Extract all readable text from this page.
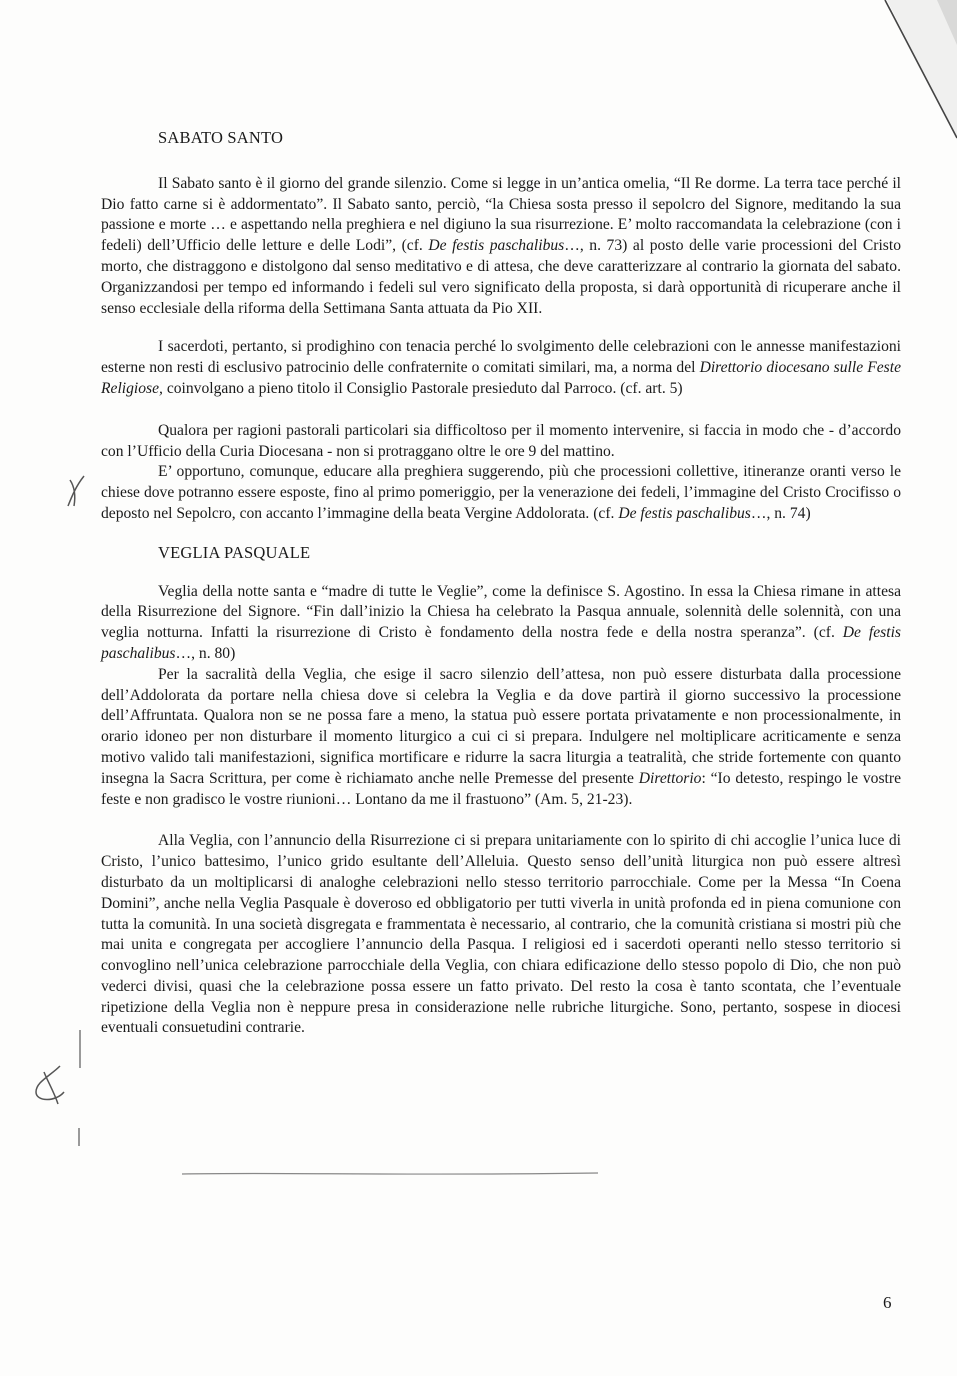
SABATO SANTO

Il Sabato santo è il giorno del grande silenzio. Come si legge in un’antica omelia, “Il Re dorme. La terra tace perché il Dio fatto carne si è addormentato”. Il Sabato santo, perciò, “la Chiesa sosta presso il sepolcro del Signore, meditando la sua passione e morte … e aspettando nella preghiera e nel digiuno la sua risurrezione. E’ molto raccomandata la celebrazione (con i fedeli) dell’Ufficio delle letture e delle Lodi”, (cf. De festis paschalibus…, n. 73) al posto delle varie processioni del Cristo morto, che distraggono e distolgono dal senso meditativo e di attesa, che deve caratterizzare al contrario la giornata del sabato. Organizzandosi per tempo ed informando i fedeli sul vero significato della proposta, si darà opportunità di ricuperare anche il senso ecclesiale della riforma della Settimana Santa attuata da Pio XII.

I sacerdoti, pertanto, si prodighino con tenacia perché lo svolgimento delle celebrazioni con le annesse manifestazioni esterne non resti di esclusivo patrocinio delle confraternite o comitati similari, ma, a norma del Direttorio diocesano sulle Feste Religiose, coinvolgano a pieno titolo il Consiglio Pastorale presieduto dal Parroco. (cf. art. 5)

Qualora per ragioni pastorali particolari sia difficoltoso per il momento intervenire, si faccia in modo che - d’accordo con l’Ufficio della Curia Diocesana - non si protraggano oltre le ore 9 del mattino.

E’ opportuno, comunque, educare alla preghiera suggerendo, più che processioni collettive, itineranze oranti verso le chiese dove potranno essere esposte, fino al primo pomeriggio, per la venerazione dei fedeli, l’immagine del Cristo Crocifisso o deposto nel Sepolcro, con accanto l’immagine della beata Vergine Addolorata. (cf. De festis paschalibus…, n. 74)

VEGLIA PASQUALE

Veglia della notte santa e “madre di tutte le Veglie”, come la definisce S. Agostino. In essa la Chiesa rimane in attesa della Risurrezione del Signore. “Fin dall’inizio la Chiesa ha celebrato la Pasqua annuale, solennità delle solennità, con una veglia notturna. Infatti la risurrezione di Cristo è fondamento della nostra fede e della nostra speranza”. (cf. De festis paschalibus…, n. 80)

Per la sacralità della Veglia, che esige il sacro silenzio dell’attesa, non può essere disturbata dalla processione dell’Addolorata da portare nella chiesa dove si celebra la Veglia e da dove partirà il giorno successivo la processione dell’Affruntata. Qualora non se ne possa fare a meno, la statua può essere portata privatamente e non processionalmente, in orario idoneo per non disturbare il momento liturgico a cui ci si prepara. Indulgere nel moltiplicare acriticamente e senza motivo valido tali manifestazioni, significa mortificare e ridurre la sacra liturgia a teatralità, che stride fortemente con quanto insegna la Sacra Scrittura, per come è richiamato anche nelle Premesse del presente Direttorio: “Io detesto, respingo le vostre feste e non gradisco le vostre riunioni… Lontano da me il frastuono” (Am. 5, 21-23).

Alla Veglia, con l’annuncio della Risurrezione ci si prepara unitariamente con lo spirito di chi accoglie l’unica luce di Cristo, l’unico battesimo, l’unico grido esultante dell’Alleluia. Questo senso dell’unità liturgica non può essere altresì disturbato da un moltiplicarsi di analoghe celebrazioni nello stesso territorio parrocchiale. Come per la Messa “In Coena Domini”, anche nella Veglia Pasquale è doveroso ed obbligatorio per tutti viverla in unità profonda ed in piena comunione con tutta la comunità. In una società disgregata e frammentata è necessario, al contrario, che la comunità cristiana si mostri più che mai unita e congregata per accogliere l’annuncio della Pasqua. I religiosi ed i sacerdoti operanti nello stesso territorio si convoglino nell’unica celebrazione parrocchiale della Veglia, con chiara edificazione dello stesso popolo di Dio, che non può vederci divisi, quasi che la celebrazione possa essere un fatto privato. Del resto la cosa è tanto scontata, che l’eventuale ripetizione della Veglia non è neppure presa in considerazione nelle rubriche liturgiche. Sono, pertanto, sospese in diocesi eventuali consuetudini contrarie.

6
